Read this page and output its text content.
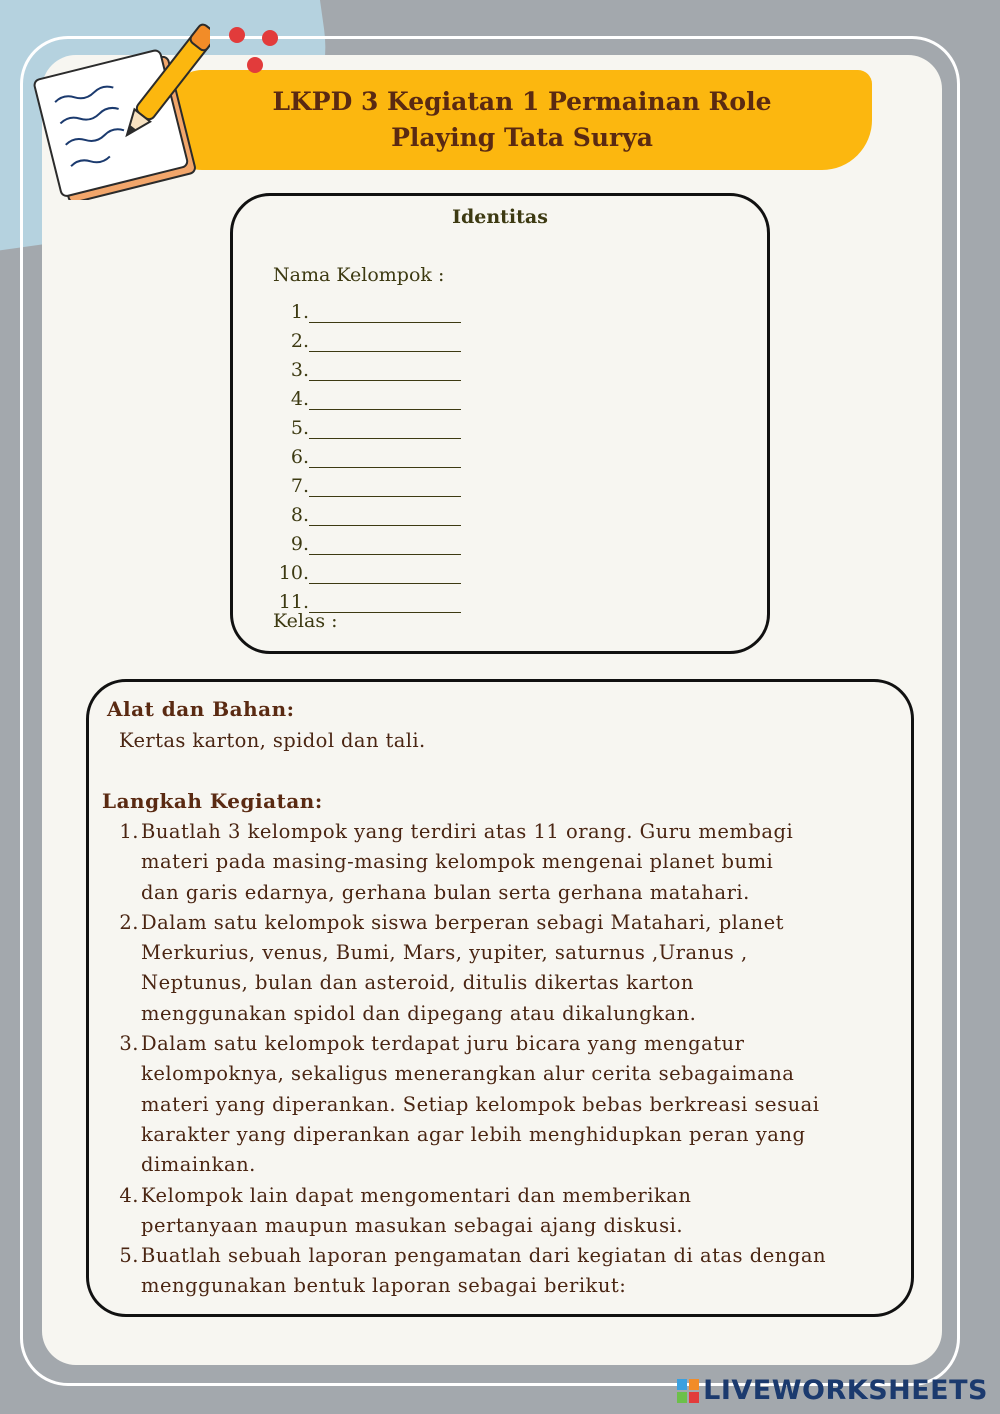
LKPD 3 Kegiatan 1 Permainan Role
Playing Tata Surya
Identitas
Nama Kelompok :
1.
2.
3.
4.
5.
6.
7.
8.
9.
10.
11.
Kelas :
Alat dan Bahan:
Kertas karton, spidol dan tali.
Langkah Kegiatan:
1. Buatlah 3 kelompok yang terdiri atas 11 orang. Guru membagi
materi pada masing-masing kelompok mengenai planet bumi
dan garis edarnya, gerhana bulan serta gerhana matahari.
2. Dalam satu kelompok siswa berperan sebagi Matahari, planet
Merkurius, venus, Bumi, Mars, yupiter, saturnus ,Uranus ,
Neptunus, bulan dan asteroid, ditulis dikertas karton
menggunakan spidol dan dipegang atau dikalungkan.
3. Dalam satu kelompok terdapat juru bicara yang mengatur
kelompoknya, sekaligus menerangkan alur cerita sebagaimana
materi yang diperankan. Setiap kelompok bebas berkreasi sesuai
karakter yang diperankan agar lebih menghidupkan peran yang
dimainkan.
4. Kelompok lain dapat mengomentari dan memberikan
pertanyaan maupun masukan sebagai ajang diskusi.
5. Buatlah sebuah laporan pengamatan dari kegiatan di atas dengan
menggunakan bentuk laporan sebagai berikut:
LIVEWORKSHEETS
